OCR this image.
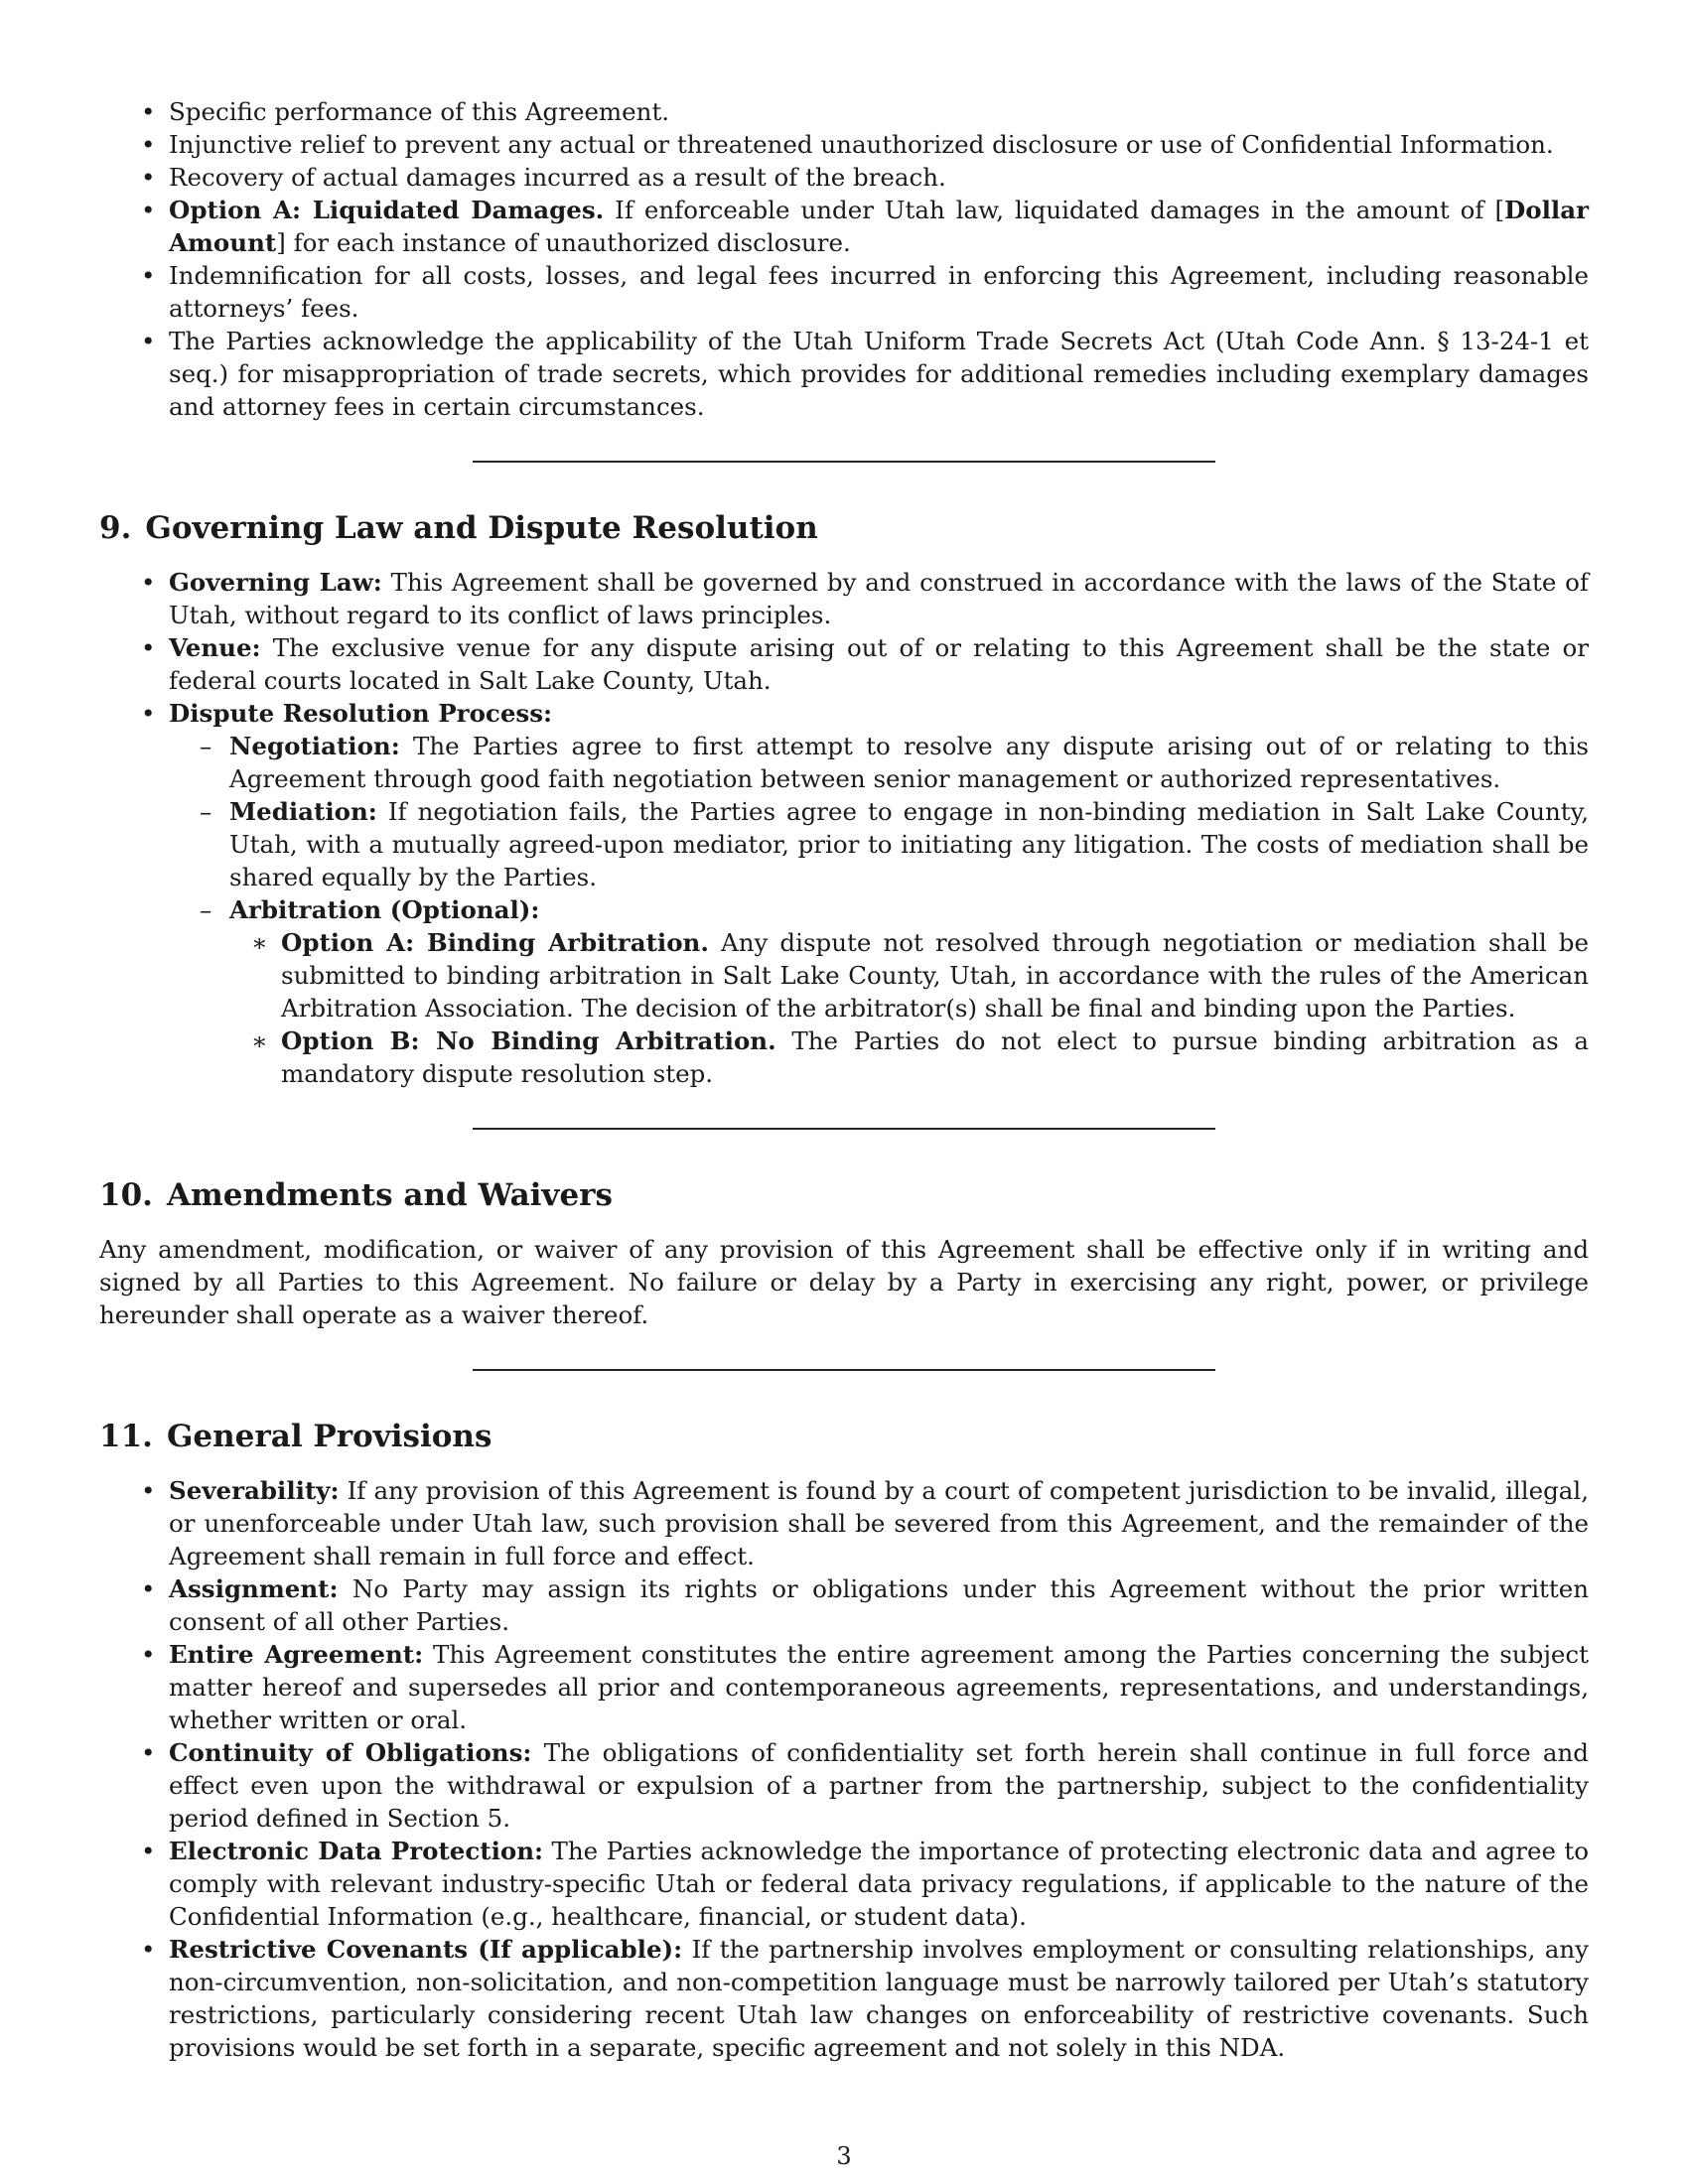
• Specific performance of this Agreement.
• Injunctive relief to prevent any actual or threatened unauthorized disclosure or use of Confidential Information.
• Recovery of actual damages incurred as a result of the breach.
• Option A: Liquidated Damages. If enforceable under Utah law, liquidated damages in the amount of [Dollar Amount] for each instance of unauthorized disclosure.
• Indemnification for all costs, losses, and legal fees incurred in enforcing this Agreement, including reasonable attorneys’ fees.
• The Parties acknowledge the applicability of the Utah Uniform Trade Secrets Act (Utah Code Ann. § 13-24-1 et seq.) for misappropriation of trade secrets, which provides for additional remedies including exemplary damages and attorney fees in certain circumstances.
9. Governing Law and Dispute Resolution
• Governing Law: This Agreement shall be governed by and construed in accordance with the laws of the State of Utah, without regard to its conflict of laws principles.
• Venue: The exclusive venue for any dispute arising out of or relating to this Agreement shall be the state or federal courts located in Salt Lake County, Utah.
• Dispute Resolution Process:
– Negotiation: The Parties agree to first attempt to resolve any dispute arising out of or relating to this Agreement through good faith negotiation between senior management or authorized representatives.
– Mediation: If negotiation fails, the Parties agree to engage in non-binding mediation in Salt Lake County, Utah, with a mutually agreed-upon mediator, prior to initiating any litigation. The costs of mediation shall be shared equally by the Parties.
– Arbitration (Optional):
∗ Option A: Binding Arbitration. Any dispute not resolved through negotiation or mediation shall be submitted to binding arbitration in Salt Lake County, Utah, in accordance with the rules of the American Arbitration Association. The decision of the arbitrator(s) shall be final and binding upon the Parties.
∗ Option B: No Binding Arbitration. The Parties do not elect to pursue binding arbitration as a mandatory dispute resolution step.
10. Amendments and Waivers
Any amendment, modification, or waiver of any provision of this Agreement shall be effective only if in writing and signed by all Parties to this Agreement. No failure or delay by a Party in exercising any right, power, or privilege hereunder shall operate as a waiver thereof.
11. General Provisions
• Severability: If any provision of this Agreement is found by a court of competent jurisdiction to be invalid, illegal, or unenforceable under Utah law, such provision shall be severed from this Agreement, and the remainder of the Agreement shall remain in full force and effect.
• Assignment: No Party may assign its rights or obligations under this Agreement without the prior written consent of all other Parties.
• Entire Agreement: This Agreement constitutes the entire agreement among the Parties concerning the subject matter hereof and supersedes all prior and contemporaneous agreements, representations, and understandings, whether written or oral.
• Continuity of Obligations: The obligations of confidentiality set forth herein shall continue in full force and effect even upon the withdrawal or expulsion of a partner from the partnership, subject to the confidentiality period defined in Section 5.
• Electronic Data Protection: The Parties acknowledge the importance of protecting electronic data and agree to comply with relevant industry-specific Utah or federal data privacy regulations, if applicable to the nature of the Confidential Information (e.g., healthcare, financial, or student data).
• Restrictive Covenants (If applicable): If the partnership involves employment or consulting relationships, any non-circumvention, non-solicitation, and non-competition language must be narrowly tailored per Utah’s statutory restrictions, particularly considering recent Utah law changes on enforceability of restrictive covenants. Such provisions would be set forth in a separate, specific agreement and not solely in this NDA.
3
